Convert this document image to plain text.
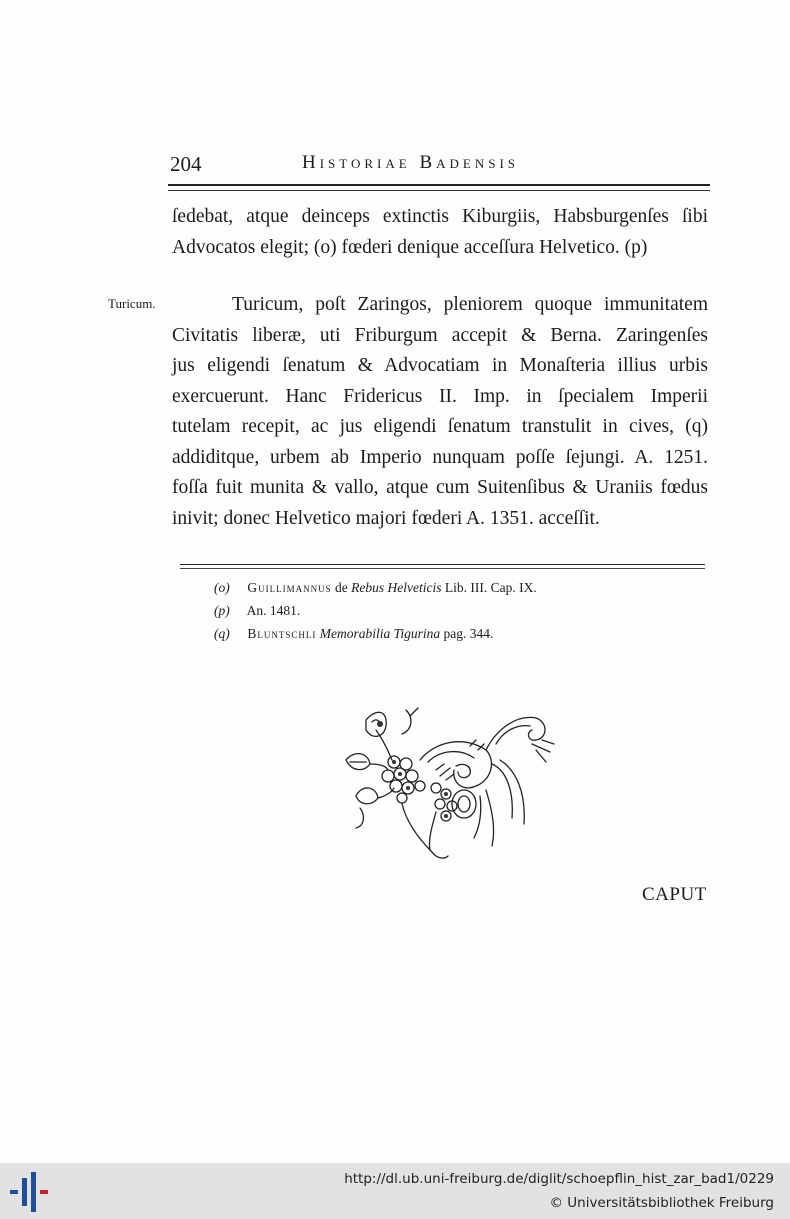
204	Historiae Badensis
ſedebat, atque deinceps extinctis Kiburgiis, Habsburgenſes ſibi
Advocatos elegit; (o) fœderi denique acceſſura Helvetico. (p)
Turicum.	Turicum, poſt Zaringos, pleniorem quoque immunitatem
Civitatis liberæ, uti Friburgum accepit & Berna. Zaringenſes
jus eligendi ſenatum & Advocatiam in Monaſteria illius urbis
exercuerunt. Hanc Fridericus II. Imp. in ſpecialem Imperii
tutelam recepit, ac jus eligendi ſenatum transtulit in cives, (q)
addiditque, urbem ab Imperio nunquam poſſe ſejungi. A. 1251.
foſſa fuit munita & vallo, atque cum Suitenſibus & Uraniis fœdus
inivit; donec Helvetico majori fœderi A. 1351. acceſſit.
(o) Guillimannus de Rebus Helveticis Lib. III. Cap. IX.
(p) An. 1481.
(q) Bluntschli Memorabilia Tigurina pag. 344.
CAPUT
http://dl.ub.uni-freiburg.de/diglit/schoepflin_hist_zar_bad1/0229
© Universitätsbibliothek Freiburg
